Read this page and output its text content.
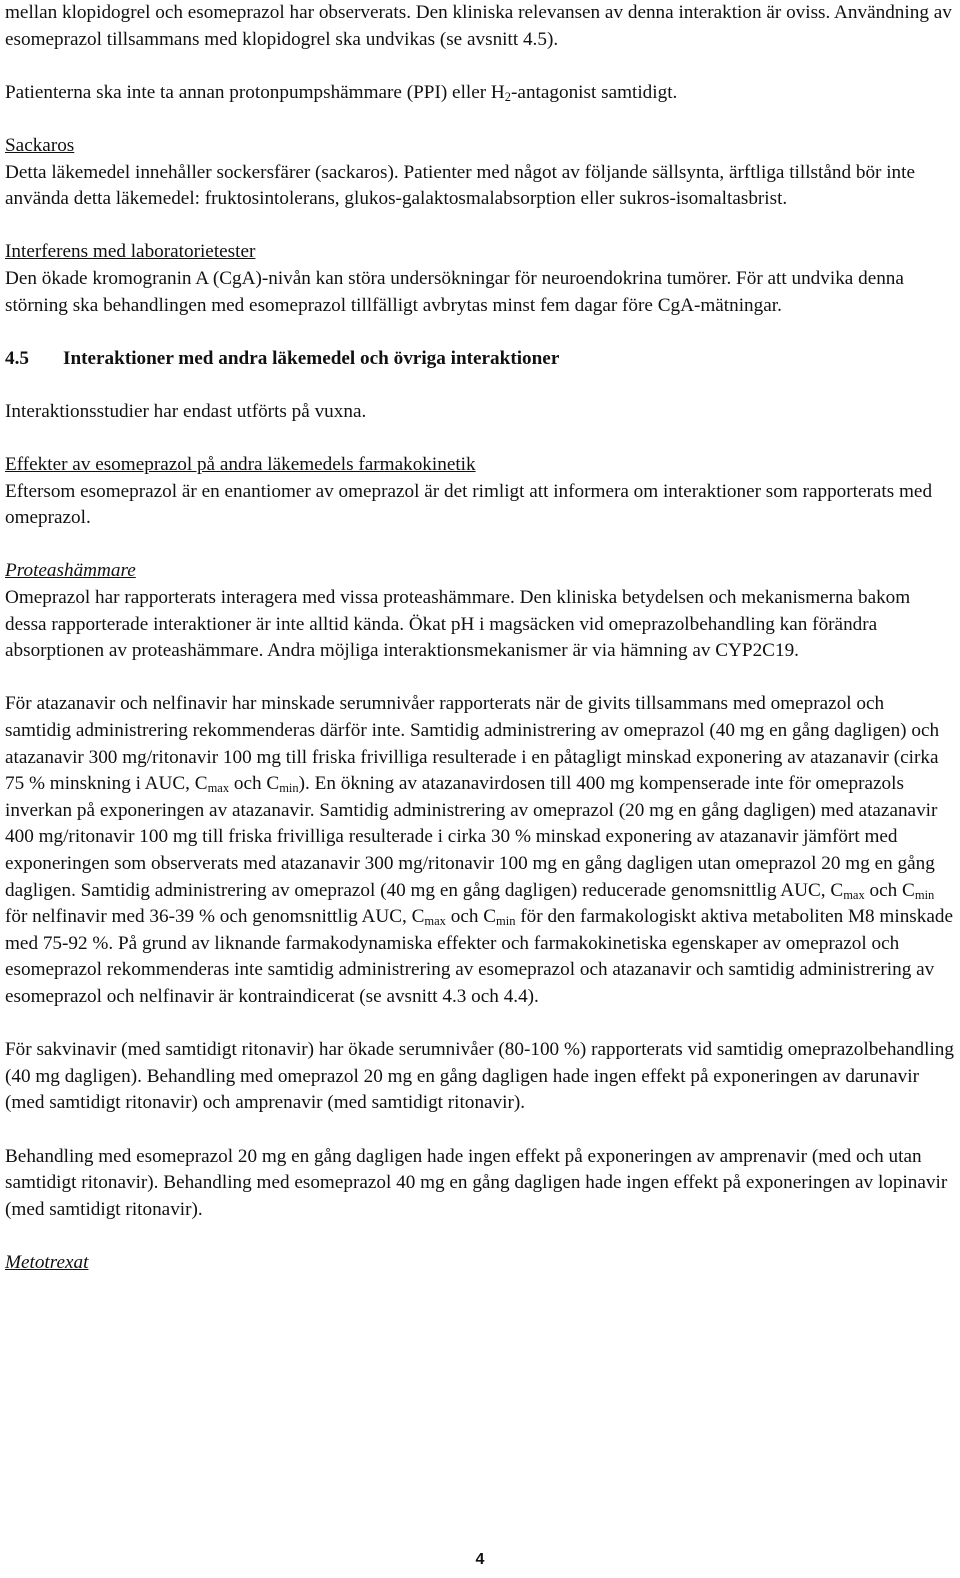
mellan klopidogrel och esomeprazol har observerats. Den kliniska relevansen av denna interaktion är oviss. Användning av esomeprazol tillsammans med klopidogrel ska undvikas (se avsnitt 4.5).

Patienterna ska inte ta annan protonpumpshämmare (PPI) eller $H_2$-antagonist samtidigt.

Sackaros

Detta läkemedel innehåller sockersfärer (sackaros). Patienter med något av följande sällsynta, ärftliga tillstånd bör inte använda detta läkemedel: fruktosintolerans, glukos-galaktosmalabsorption eller sukros-isomaltasbrist.

Interferens med laboratorietester

Den ökade kromogranin A (CgA)-nivån kan störa undersökningar för neuroendokrina tumörer. För att undvika denna störning ska behandlingen med esomeprazol tillfälligt avbrytas minst fem dagar före CgA-mätningar.

4.5 Interaktioner med andra läkemedel och övriga interaktioner

Interaktionsstudier har endast utförts på vuxna.

Effekter av esomeprazol på andra läkemedels farmakokinetik

Eftersom esomeprazol är en enantiomer av omeprazol är det rimligt att informera om interaktioner som rapporterats med omeprazol.

Proteashämmare

Omeprazol har rapporterats interagera med vissa proteashämmare. Den kliniska betydelsen och mekanismerna bakom dessa rapporterade interaktioner är inte alltid kända. Ökat pH i magsäcken vid omeprazolbehandling kan förändra absorptionen av proteashämmare. Andra möjliga interaktionsmekanismer är via hämning av CYP2C19.

För atazanavir och nelfinavir har minskade serumnivåer rapporterats när de givits tillsammans med omeprazol och samtidig administrering rekommenderas därför inte. Samtidig administrering av omeprazol (40 mg en gång dagligen) och atazanavir 300 mg/ritonavir 100 mg till friska frivilliga resulterade i en påtagligt minskad exponering av atazanavir (cirka 75 % minskning i AUC, $C_{max}$ och $C_{min}$). En ökning av atazanavirdosen till 400 mg kompenserade inte för omeprazols inverkan på exponeringen av atazanavir. Samtidig administrering av omeprazol (20 mg en gång dagligen) med atazanavir 400 mg/ritonavir 100 mg till friska frivilliga resulterade i cirka 30 % minskad exponering av atazanavir jämfört med exponeringen som observerats med atazanavir 300 mg/ritonavir 100 mg en gång dagligen utan omeprazol 20 mg en gång dagligen. Samtidig administrering av omeprazol (40 mg en gång dagligen) reducerade genomsnittlig AUC, $C_{max}$ och $C_{min}$ för nelfinavir med 36-39 % och genomsnittlig AUC, $C_{max}$ och $C_{min}$ för den farmakologiskt aktiva metaboliten M8 minskade med 75-92 %. På grund av liknande farmakodynamiska effekter och farmakokinetiska egenskaper av omeprazol och esomeprazol rekommenderas inte samtidig administrering av esomeprazol och atazanavir och samtidig administrering av esomeprazol och nelfinavir är kontraindicerat (se avsnitt 4.3 och 4.4).

För sakvinavir (med samtidigt ritonavir) har ökade serumnivåer (80-100 %) rapporterats vid samtidig omeprazolbehandling (40 mg dagligen). Behandling med omeprazol 20 mg en gång dagligen hade ingen effekt på exponeringen av darunavir (med samtidigt ritonavir) och amprenavir (med samtidigt ritonavir).

Behandling med esomeprazol 20 mg en gång dagligen hade ingen effekt på exponeringen av amprenavir (med och utan samtidigt ritonavir). Behandling med esomeprazol 40 mg en gång dagligen hade ingen effekt på exponeringen av lopinavir (med samtidigt ritonavir).

Metotrexat

4
